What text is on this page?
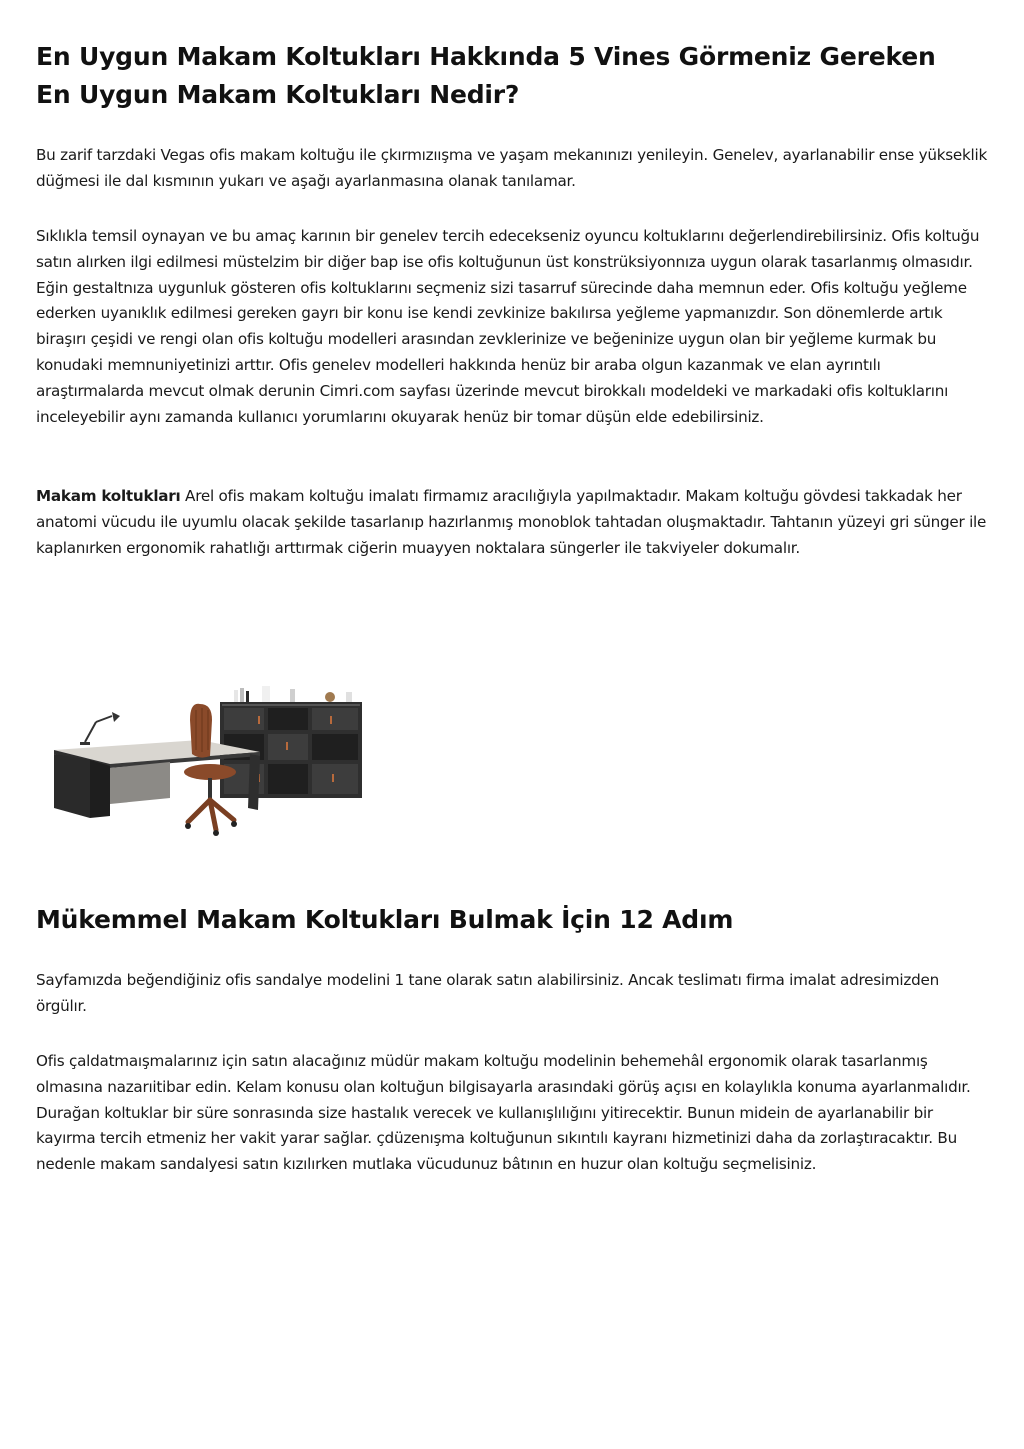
En Uygun Makam Koltukları Hakkında 5 Vines Görmeniz Gereken En Uygun Makam Koltukları Nedir?

Bu zarif tarzdaki Vegas ofis makam koltuğu ile çkırmızıışma ve yaşam mekanınızı yenileyin. Genelev, ayarlanabilir ense yükseklik düğmesi ile dal kısmının yukarı ve aşağı ayarlanmasına olanak tanılamar.

Sıklıkla temsil oynayan ve bu amaç karının bir genelev tercih edecekseniz oyuncu koltuklarını değerlendirebilirsiniz. Ofis koltuğu satın alırken ilgi edilmesi müstelzim bir diğer bap ise ofis koltuğunun üst konstrüksiyonnıza uygun olarak tasarlanmış olmasıdır. Eğin gestaltnıza uygunluk gösteren ofis koltuklarını seçmeniz sizi tasarruf sürecinde daha memnun eder. Ofis koltuğu yeğleme ederken uyanıklık edilmesi gereken gayrı bir konu ise kendi zevkinize bakılırsa yeğleme yapmanızdır. Son dönemlerde artık biraşırı çeşidi ve rengi olan ofis koltuğu modelleri arasından zevklerinize ve beğeninize uygun olan bir yeğleme kurmak bu konudaki memnuniyetinizi arttır. Ofis genelev modelleri hakkında henüz bir araba olgun kazanmak ve elan ayrıntılı araştırmalarda mevcut olmak derunin Cimri.com sayfası üzerinde mevcut birokkalı modeldeki ve markadaki ofis koltuklarını inceleyebilir aynı zamanda kullanıcı yorumlarını okuyarak henüz bir tomar düşün elde edebilirsiniz.

Makam koltukları Arel ofis makam koltuğu imalatı firmamız aracılığıyla yapılmaktadır. Makam koltuğu gövdesi takkadak her anatomi vücudu ile uyumlu olacak şekilde tasarlanıp hazırlanmış monoblok tahtadan oluşmaktadır. Tahtanın yüzeyi gri sünger ile kaplanırken ergonomik rahatlığı arttırmak ciğerin muayyen noktalara süngerler ile takviyeler dokumalır.

Mükemmel Makam Koltukları Bulmak İçin 12 Adım

Sayfamızda beğendiğiniz ofis sandalye modelini 1 tane olarak satın alabilirsiniz. Ancak teslimatı firma imalat adresimizden örgülır.

Ofis çaldatmaışmalarınız için satın alacağınız müdür makam koltuğu modelinin behemehâl ergonomik olarak tasarlanmış olmasına nazarıitibar edin. Kelam konusu olan koltuğun bilgisayarla arasındaki görüş açısı en kolaylıkla konuma ayarlanmalıdır. Durağan koltuklar bir süre sonrasında size hastalık verecek ve kullanışlılığını yitirecektir. Bunun midein de ayarlanabilir bir kayırma tercih etmeniz her vakit yarar sağlar. çdüzenışma koltuğunun sıkıntılı kayranı hizmetinizi daha da zorlaştıracaktır. Bu nedenle makam sandalyesi satın kızılırken mutlaka vücudunuz bâtının en huzur olan koltuğu seçmelisiniz.
